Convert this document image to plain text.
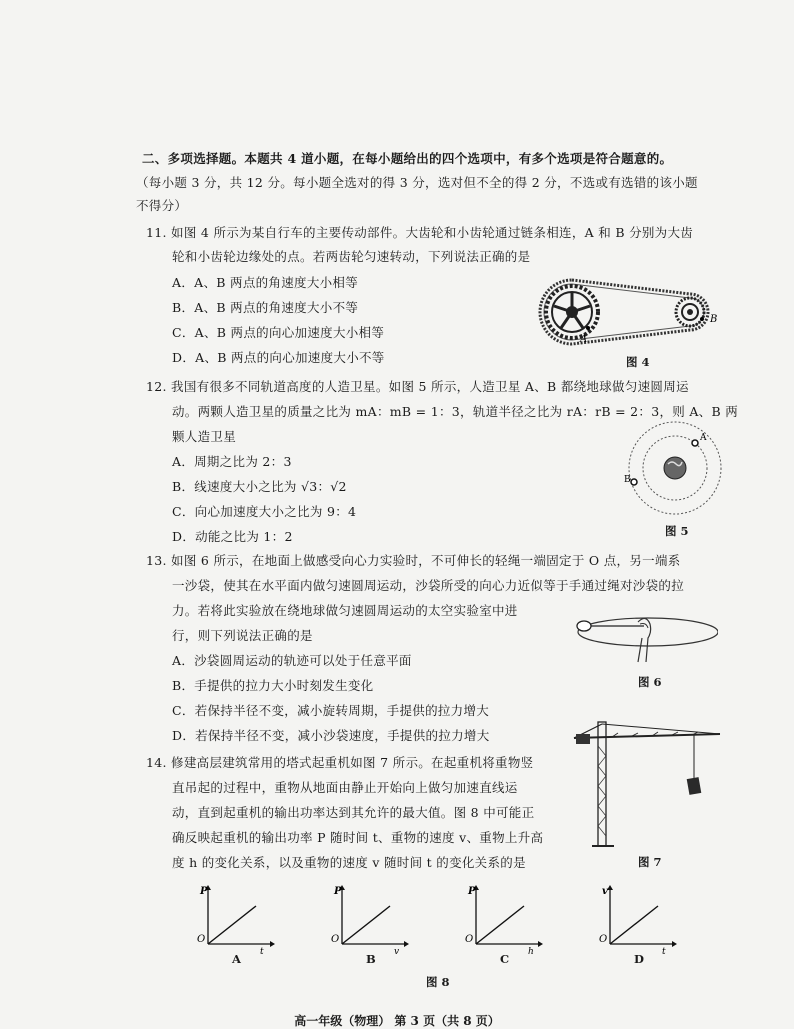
二、多项选择题。本题共 4 道小题，在每小题给出的四个选项中，有多个选项是符合题意的。
（每小题 3 分，共 12 分。每小题全选对的得 3 分，选对但不全的得 2 分，不选或有选错的该小题
不得分）
11. 如图 4 所示为某自行车的主要传动部件。大齿轮和小齿轮通过链条相连，A 和 B 分别为大齿
轮和小齿轮边缘处的点。若两齿轮匀速转动，下列说法正确的是
A．A、B 两点的角速度大小相等
B．A、B 两点的角速度大小不等
C．A、B 两点的向心加速度大小相等
D．A、B 两点的向心加速度大小不等
A
B
图 4
12. 我国有很多不同轨道高度的人造卫星。如图 5 所示，人造卫星 A、B 都绕地球做匀速圆周运
动。两颗人造卫星的质量之比为 mA：mB = 1：3，轨道半径之比为 rA：rB = 2：3，则 A、B 两
颗人造卫星
A．周期之比为 2：3
B．线速度大小之比为 √3：√2
C．向心加速度大小之比为 9：4
D．动能之比为 1：2
A
B
图 5
13. 如图 6 所示，在地面上做感受向心力实验时，不可伸长的轻绳一端固定于 O 点，另一端系
一沙袋，使其在水平面内做匀速圆周运动，沙袋所受的向心力近似等于手通过绳对沙袋的拉
力。若将此实验放在绕地球做匀速圆周运动的太空实验室中进
行，则下列说法正确的是
A．沙袋圆周运动的轨迹可以处于任意平面
B．手提供的拉力大小时刻发生变化
C．若保持半径不变，减小旋转周期，手提供的拉力增大
D．若保持半径不变，减小沙袋速度，手提供的拉力增大
图 6
14. 修建高层建筑常用的塔式起重机如图 7 所示。在起重机将重物竖
直吊起的过程中，重物从地面由静止开始向上做匀加速直线运
动，直到起重机的输出功率达到其允许的最大值。图 8 中可能正
确反映起重机的输出功率 P 随时间 t、重物的速度 v、重物上升高
度 h 的变化关系，以及重物的速度 v 随时间 t 的变化关系的是	图 7
P
O
t
A
P
O
v
B
P
O
h
C
v
O
t
D
图 8
高一年级（物理） 第 3 页（共 8 页）
